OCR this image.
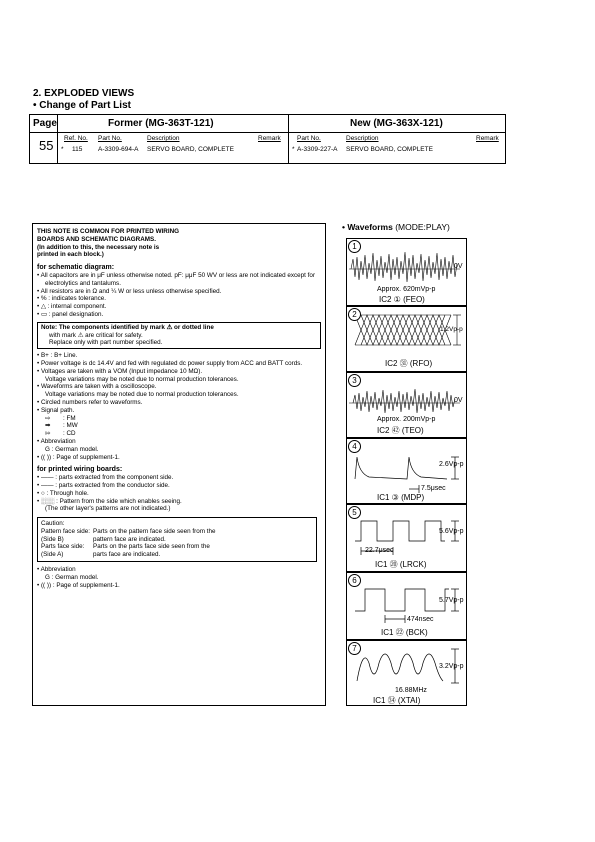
2. EXPLODED VIEWS
• Change of Part List
Page	Former (MG-363T-121)	New (MG-363X-121)
55 Ref. No. Part No.	Description	Remark Part No.	Description	Remark
* 115 A-3309-694-A SERVO BOARD, COMPLETE	* A-3309-227-A SERVO BOARD, COMPLETE
THIS NOTE IS COMMON FOR PRINTED WIRING
BOARDS AND SCHEMATIC DIAGRAMS.
(In addition to this, the necessary note is
printed in each block.)
for schematic diagram:
• All capacitors are in μF unless otherwise noted. pF: μμF 50 WV or less are not indicated except for electrolytics and tantalums.
• All resistors are in Ω and ¼ W or less unless otherwise specified.
• % : indicates tolerance.
• △ : internal component.
• ▭ : panel designation.
Note: The components identified by mark ⚠ or dotted line
with mark ⚠ are critical for safety.
Replace only with part number specified.
• B+ : B+ Line.
• Power voltage is dc 14.4V and fed with regulated dc power supply from ACC and BATT cords.
• Voltages are taken with a VOM (Input impedance 10 MΩ).
Voltage variations may be noted due to normal production tolerances.
• Waveforms are taken with a oscilloscope.
Voltage variations may be noted due to normal production tolerances.
• Circled numbers refer to waveforms.
• Signal path.
⇨ : FM
➡ : MW
⇰ : CD
• Abbreviation
G : German model.
• (( )) : Page of supplement-1.
for printed wiring boards:
• —— : parts extracted from the component side.
• —— : parts extracted from the conductor side.
• ○ : Through hole.
• ░░░ : Pattern from the side which enables seeing.
(The other layer's patterns are not indicated.)
Caution:
Pattern face side: Parts on the pattern face side seen from the
(Side B)	pattern face are indicated.
Parts face side:	Parts on the parts face side seen from the
(Side A)	parts face are indicated.
• Abbreviation
G : German model.
• (( )) : Page of supplement-1.
• Waveforms (MODE:PLAY)
1
0V
Approx. 620mVp-p
IC2 ① (FEO)
2
1.2Vp-p
IC2 ㉛ (RFO)
3
0V
Approx. 200mVp-p
IC2 ㊷ (TEO)
4
2.6Vp-p
7.5μsec
IC1 ③ (MDP)
5
5.6Vp-p
22.7μsec
IC1 ⑳ (LRCK)
6
5.7Vp-p
474nsec
IC1 ㉒ (BCK)
7
3.2Vp-p
16.88MHz
IC1 ㉞ (XTAI)
